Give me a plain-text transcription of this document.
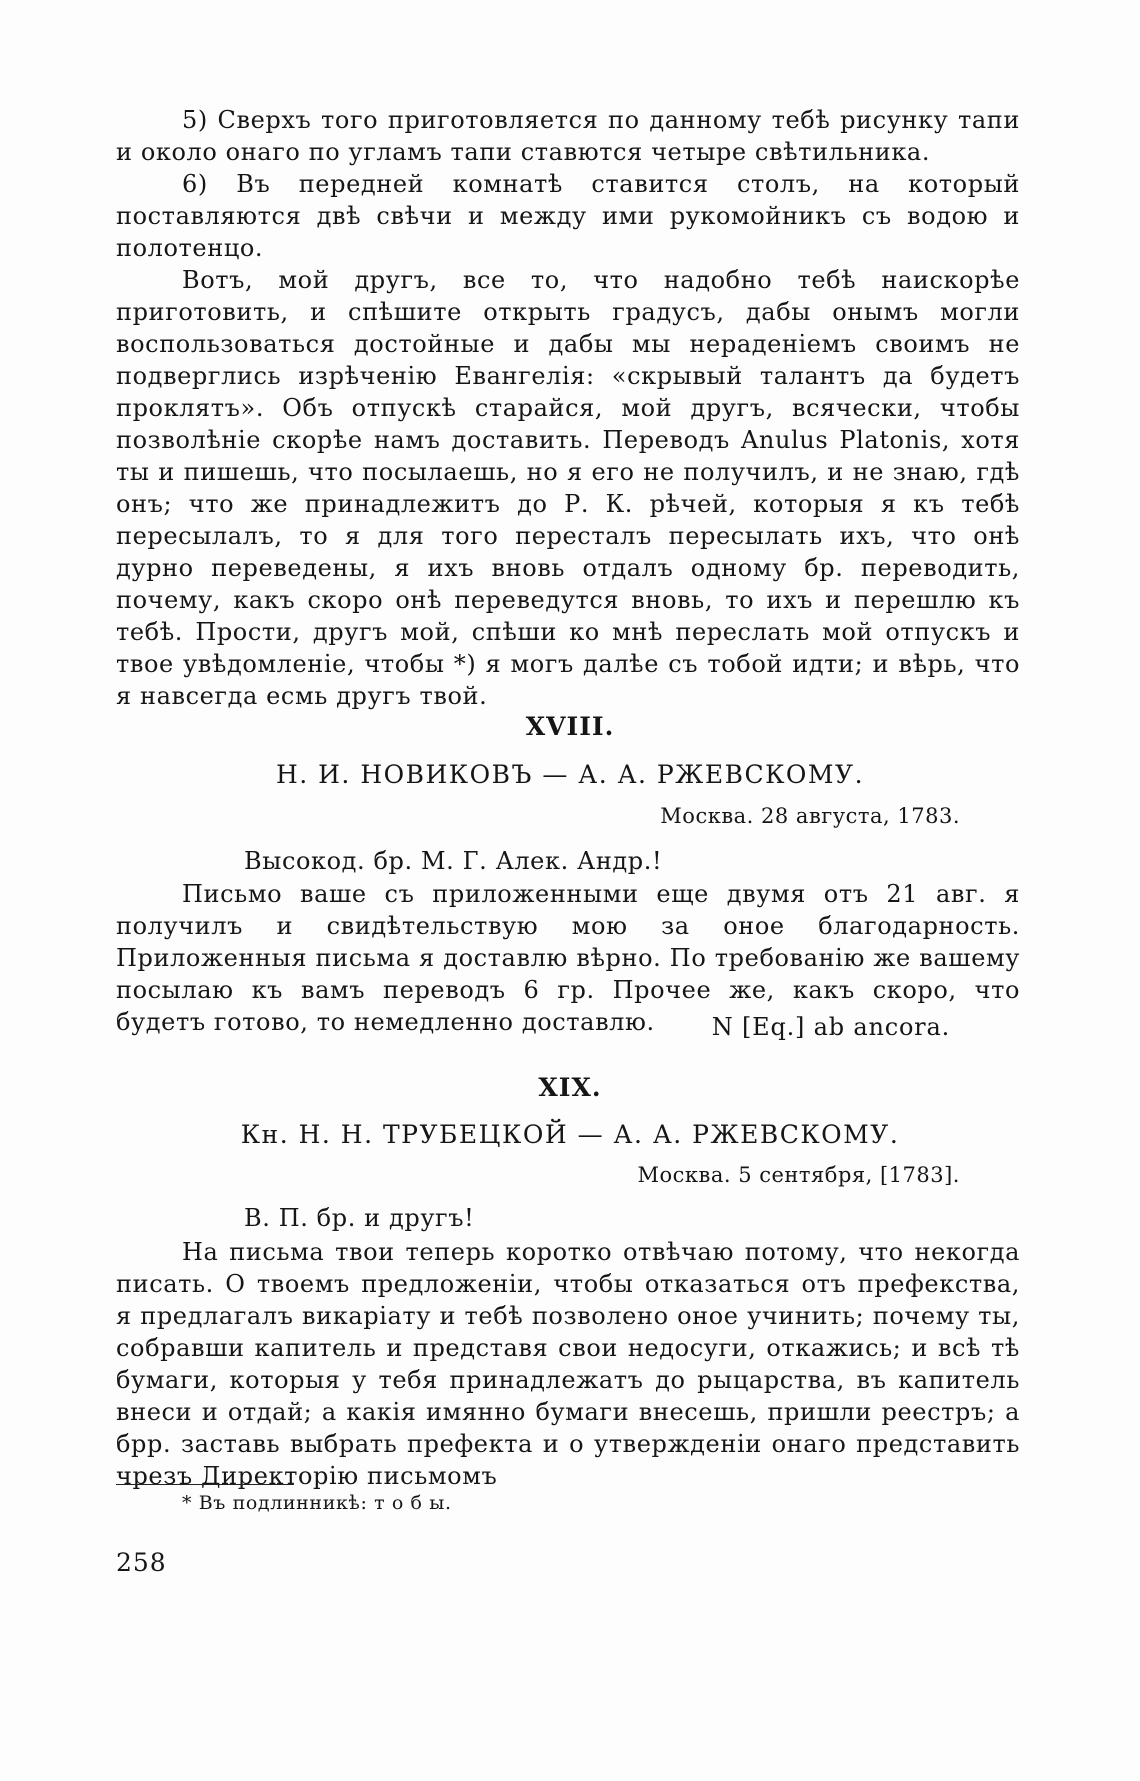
5) Сверхъ того приготовляется по данному тебѣ рисунку тапи и около онаго по угламъ тапи ставются четыре свѣтильника.

6) Въ передней комнатѣ ставится столъ, на который поставляются двѣ свѣчи и между ими рукомойникъ съ водою и полотенцо.

Вотъ, мой другъ, все то, что надобно тебѣ наискорѣе приготовить, и спѣшите открыть градусъ, дабы онымъ могли воспользоваться достойные и дабы мы нераденіемъ своимъ не подверглись изрѣченію Евангелія: «скрывый талантъ да будетъ проклятъ». Объ отпускѣ старайся, мой другъ, всячески, чтобы позволѣніе скорѣе намъ доставить. Переводъ Anulus Platonis, хотя ты и пишешь, что посылаешь, но я его не получилъ, и не знаю, гдѣ онъ; что же принадлежитъ до Р. К. рѣчей, которыя я къ тебѣ пересылалъ, то я для того пересталъ пересылать ихъ, что онѣ дурно переведены, я ихъ вновь отдалъ одному бр. переводить, почему, какъ скоро онѣ переведутся вновь, то ихъ и перешлю къ тебѣ. Прости, другъ мой, спѣши ко мнѣ переслать мой отпускъ и твое увѣдомленіе, чтобы *) я могъ далѣе съ тобой идти; и вѣрь, что я навсегда есмь другъ твой.

XVIII.
Н. И. НОВИКОВЪ — А. А. РЖЕВСКОМУ.
Москва. 28 августа, 1783.
Высокод. бр. М. Г. Алек. Андр.!

Письмо ваше съ приложенными еще двумя отъ 21 авг. я получилъ и свидѣтельствую мою за оное благодарность. Приложенныя письма я доставлю вѣрно. По требованію же вашему посылаю къ вамъ переводъ 6 гр. Прочее же, какъ скоро, что будетъ готово, то немедленно доставлю.	N [Eq.] ab ancora.
XIX.
Кн. Н. Н. ТРУБЕЦКОЙ — А. А. РЖЕВСКОМУ.
Москва. 5 сентября, [1783].
В. П. бр. и другъ!

На письма твои теперь коротко отвѣчаю потому, что некогда писать. О твоемъ предложеніи, чтобы отказаться отъ префекства, я предлагалъ викаріату и тебѣ позволено оное учинить; почему ты, собравши капитель и представя свои недосуги, откажись; и всѣ тѣ бумаги, которыя у тебя принадлежатъ до рыцарства, въ капитель внеси и отдай; а какія имянно бумаги внесешь, пришли реестръ; а брр. заставь выбрать префекта и о утвержденіи онаго представить чрезъ Директорію письмомъ

* Въ подлинникѣ: т о б ы.
258
